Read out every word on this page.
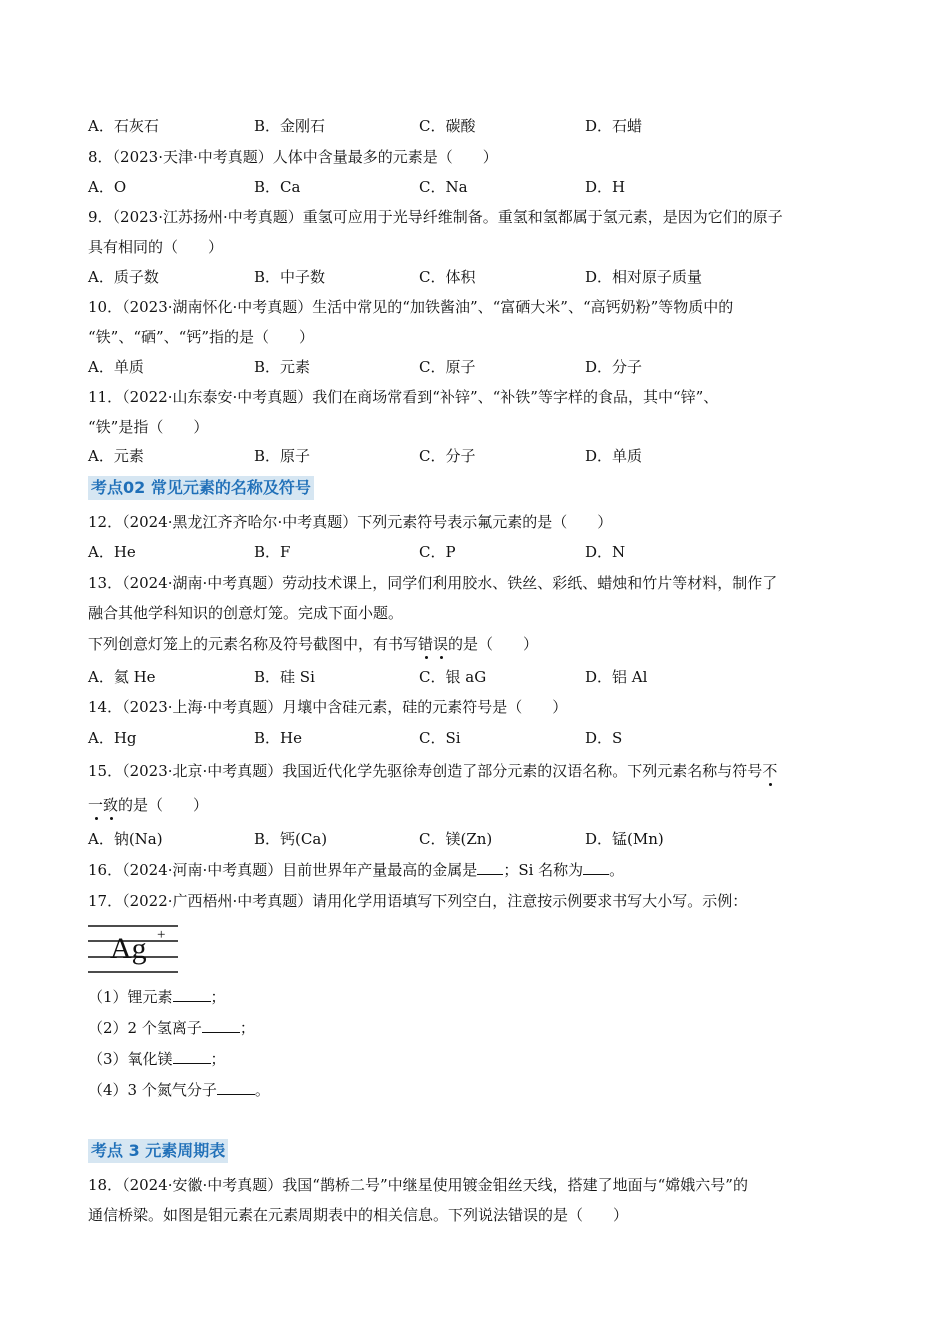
A．石灰石	B．金刚石	C．碳酸	D．石蜡
8．（2023·天津·中考真题）人体中含量最多的元素是（　　）
A．O	B．Ca	C．Na	D．H
9．（2023·江苏扬州·中考真题）重氢可应用于光导纤维制备。重氢和氢都属于氢元素，是因为它们的原子
具有相同的（　　）
A．质子数	B．中子数	C．体积	D．相对原子质量
10．（2023·湖南怀化·中考真题）生活中常见的“加铁酱油”、“富硒大米”、“高钙奶粉”等物质中的
“铁”、“硒”、“钙”指的是（　　）
A．单质	B．元素	C．原子	D．分子
11．（2022·山东泰安·中考真题）我们在商场常看到“补锌”、“补铁”等字样的食品，其中“锌”、
“铁”是指（　　）
A．元素	B．原子	C．分子	D．单质
考点02 常见元素的名称及符号
12．（2024·黑龙江齐齐哈尔·中考真题）下列元素符号表示氟元素的是（　　）
A．He	B．F	C．P	D．N
13．（2024·湖南·中考真题）劳动技术课上，同学们利用胶水、铁丝、彩纸、蜡烛和竹片等材料，制作了
融合其他学科知识的创意灯笼。完成下面小题。
下列创意灯笼上的元素名称及符号截图中，有书写错误的是（　　）
A．氦 He	B．硅 Si	C．银 aG	D．铝 Al
14．（2023·上海·中考真题）月壤中含硅元素，硅的元素符号是（　　）
A．Hg	B．He	C．Si	D．S
15．（2023·北京·中考真题）我国近代化学先驱徐寿创造了部分元素的汉语名称。下列元素名称与符号不
一致的是（　　）
A．钠(Na)	B．钙(Ca)	C．镁(Zn)	D．锰(Mn)
16．（2024·河南·中考真题）目前世界年产量最高的金属是 ；Si 名称为 。
17．（2022·广西梧州·中考真题）请用化学用语填写下列空白，注意按示例要求书写大小写。示例：
Ag +
（1）锂元素	；
（2）2 个氢离子	；
（3）氧化镁	；
（4）3 个氮气分子	。
考点 3 元素周期表
18．（2024·安徽·中考真题）我国“鹊桥二号”中继星使用镀金钼丝天线，搭建了地面与“嫦娥六号”的
通信桥梁。如图是钼元素在元素周期表中的相关信息。下列说法错误的是（　　）
